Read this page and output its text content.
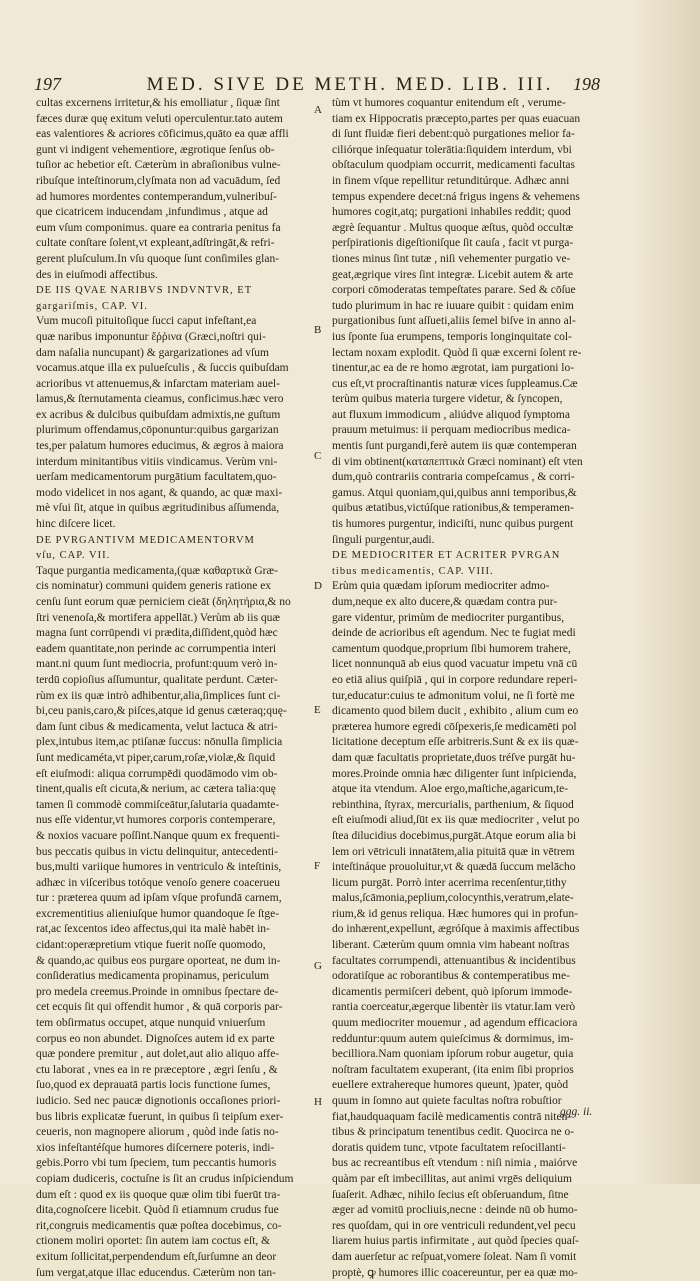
197	MED. SIVE DE METH. MED. LIB. III.	198
cultas excernens irritetur,& his emolliatur , ſiquæ ſint
fæces duræ quę exitum veluti operculentur.tato autem
eas valentiores & acriores cōficimus,quāto ea quæ affli
gunt vi indigent vehementiore, ægrotique ſenſus ob-
tuſior ac hebetior eſt. Cæterùm in abraſionibus vulne-
ribuſque inteſtinorum,clyſmata non ad vacuādum, ſed
ad humores mordentes contemperandum,vulneribuſ-
que cicatricem inducendam ,infundimus , atque ad
eum vſum componimus. quare ea contraria penitus fa
cultate conſtare ſolent,vt expleant,adſtringāt,& refri-
gerent pluſculum.In vſu quoque ſunt conſimiles glan-
des in eiuſmodi affectibus.
DE IIS QVAE NARIBVS INDVNTVR, ET
gargariſmis, CAP. VI.
Vum mucoſi pituitoſique ſucci caput infeſtant,ea
quæ naribus imponuntur ἔῤῥινα (Græci,noſtri qui-
dam naſalia nuncupant) & gargarizationes ad vſum
vocamus.atque illa ex pulueſculis , & ſuccis quibuſdam
acrioribus vt attenuemus,& infarctam materiam auel-
lamus,& ſternutamenta cieamus, conficimus.hæc vero
ex acribus & dulcibus quibuſdam admixtis,ne guſtum
plurimum offendamus,cōponuntur:quibus gargarizan
tes,per palatum humores educimus, & ægros à maiora
interdum minitantibus vitiis vindicamus. Verùm vni-
uerſam medicamentorum purgātium facultatem,quo-
modo videlicet in nos agant, & quando, ac quæ maxi-
mè vſui ſit, atque in quibus ægritudinibus aſſumenda,
hinc diſcere licet.
DE PVRGANTIVM MEDICAMENTORVM
vſu, CAP. VII.
Taque purgantia medicamenta,(quæ καθαρτικὰ Græ-
cis nominatur) communi quidem generis ratione ex
cenſu ſunt eorum quæ perniciem cieāt (δηλητήρια,& no
ſtri venenoſa,& mortifera appellāt.) Verùm ab iis quæ
magna ſunt corrūpendi vi prædita,diſſident,quòd hæc
eadem quantitate,non perinde ac corrumpentia interi
mant.ni quum ſunt mediocria, profunt:quum verò in-
terdū copioſius aſſumuntur, qualitate perdunt. Cæter-
rùm ex iis quæ intrò adhibentur,alia,ſimplices ſunt ci-
bi,ceu panis,caro,& piſces,atque id genus cæteraq;quę-
dam ſunt cibus & medicamenta, velut lactuca & atri-
plex,intubus item,ac ptiſanæ ſuccus: nōnulla ſimplicia
ſunt medicaméta,vt piper,carum,roſæ,violæ,& ſiquid
eſt eiuſmodi: aliqua corrumpēdi quodāmodo vim ob-
tinent,qualis eſt cicuta,& nerium, ac cætera talia:quę
tamen ſi commodè commiſceātur,ſalutaria quadamte-
nus eſſe videntur,vt humores corporis contemperare,
& noxios vacuare poſſint.Nanque quum ex frequenti-
bus peccatis quibus in victu delinquitur, antecedenti-
bus,multi variique humores in ventriculo & inteſtinis,
adhæc in viſceribus totóque venoſo genere coacerueu
tur : præterea quum ad ipſam vſque profundā carnem,
excrementitius alieniuſque humor quandoque ſe ſtge-
rat,ac ſexcentos ideo affectus,qui ita malè habēt in-
cidant:operæpretium vtique fuerit noſſe quomodo,
& quando,ac quibus eos purgare oporteat, ne dum in-
conſideratius medicamenta propinamus, periculum
pro medela creemus.Proinde in omnibus ſpectare de-
cet ecquis ſit qui offendit humor , & quā corporis par-
tem obſirmatus occupet, atque nunquid vniuerſum
corpus eo non abundet. Dignoſces autem id ex parte
quæ pondere premitur , aut dolet,aut alio aliquo affe-
ctu laborat , vnes ea in re præceptore , ægri ſenſu , &
ſuo,quod ex deprauatā partis locis functione ſumes,
iudicio. Sed nec paucæ dignotionis occaſiones priori-
bus libris explicatæ fuerunt, in quibus ſi teipſum exer-
ceueris, non magnopere aliorum , quòd inde ſatis no-
xios infeſtantéſque humores diſcernere poteris, indi-
gebis.Porro vbi tum ſpeciem, tum peccantis humoris
copiam dudiceris, coctuſne is ſit an crudus inſpiciendum
dum eſt : quod ex iis quoque quæ olim tibi fuerūt tra-
dita,cognoſcere licebit. Quòd ſi etiamnum crudus fue
rit,congruis medicamentis quæ poſtea docebimus, co-
ctionem moliri oportet: ſin autem iam coctus eſt, &
exitum ſollicitat,perpendendum eſt,ſurſumne an deor
ſum vergat,atque illac educendus. Cæterùm non tan-
A
B
C
D
E
F
G
H
tùm vt humores coquantur enitendum eſt , verume-
tiam ex Hippocratis præcepto,partes per quas euacuan
di ſunt fluidæ fieri debent:quò purgationes melior fa-
ciliórque inſequatur tolerātia:ſiquidem interdum, vbi
obſtaculum quodpiam occurrit, medicamenti facultas
in finem vſque repellitur retunditúrque. Adhæc anni
tempus expendere decet:ná frigus ingens & vehemens
humores cogit,atq; purgationi inhabiles reddit; quod
ægrè ſequantur . Multus quoque æſtus, quòd occultæ
perſpirationis digeſtioniſque ſit cauſa , facit vt purga-
tiones minus ſint tutæ , niſi vehementer purgatio ve-
geat,ægrique vires ſint integræ. Licebit autem & arte
corpori cōmoderatas tempeſtates parare. Sed & cōſue
tudo plurimum in hac re iuuare quibit : quidam enim
purgationibus ſunt aſſueti,aliis ſemel biſve in anno al-
ius ſponte ſua erumpens, temporis longinquitate col-
lectam noxam explodit. Quòd ſi quæ excerni ſolent re-
tinentur,ac ea de re homo ægrotat, iam purgationi lo-
cus eſt,vt procraſtinantis naturæ vices ſuppleamus.Cæ
terùm quibus materia turgere videtur, & ſyncopen,
aut fluxum immodicum , aliúdve aliquod ſymptoma
prauum metuimus: ii perquam mediocribus medica-
mentis ſunt purgandi,ferè autem iis quæ contemperan
di vim obtinent(καταπεπτικὰ Græci nominant) eſt vten
dum,quò contrariis contraria compeſcamus , & corri-
gamus. Atqui quoniam,qui,quibus anni temporibus,&
quibus ætatibus,victúſque rationibus,& temperamen-
tis humores purgentur, indiciſti, nunc quibus purgent
ſinguli purgentur,audi.
DE MEDIOCRITER ET ACRITER PVRGAN
tibus medicamentis, CAP. VIII.
Erùm quia quædam ipſorum mediocriter admo-
dum,neque ex alto ducere,& quædam contra pur-
gare videntur, primùm de mediocriter purgantibus,
deinde de acrioribus eſt agendum. Nec te fugiat medi
camentum quodque,proprium ſibi humorem trahere,
licet nonnunquā ab eius quod vacuatur impetu vnā cū
eo etiā alius quiſpiā , qui in corpore redundare reperi-
tur,educatur:cuius te admonitum volui, ne ſi fortè me
dicamento quod bilem ducit , exhibito , alium cum eo
præterea humore egredi cōſpexeris,ſe medicamēti pol
licitatione deceptum eſſe arbitreris.Sunt & ex iis quæ-
dam quæ facultatis proprietate,duos tréſve purgāt hu-
mores.Proinde omnia hæc diligenter ſunt inſpicienda,
atque ita vtendum. Aloe ergo,maſtiche,agaricum,te-
rebinthina, ſtyrax, mercurialis, parthenium, & ſiquod
eſt eiuſmodi aliud,ſūt ex iis quæ mediocriter , velut po
ſtea dilucidius docebimus,purgāt.Atque eorum alia bi
lem ori vētriculi innatātem,alia pituitā quæ in vētrem
inteſtináque prouoluitur,vt & quædā ſuccum melācho
licum purgāt. Porrò inter acerrima recenſentur,tithy
malus,ſcāmonia,peplium,colocynthis,veratrum,elate-
rium,& id genus reliqua. Hæc humores qui in profun-
do inhærent,expellunt, ægróſque à maximis affectibus
liberant. Cæterùm quum omnia vim habeant noſtras
facultates corrumpendi, attenuantibus & incidentibus
odoratiſque ac roborantibus & contemperatibus me-
dicamentis permiſceri debent, quò ipſorum immode-
rantia coerceatur,ægerque libentèr iis vtatur.Iam verò
quum mediocriter mouemur , ad agendum efficaciora
redduntur:quum autem quieſcimus & dormimus, im-
becilliora.Nam quoniam ipſorum robur augetur, quia
noſtram facultatem exuperant, (ita enim ſibi proprios
euellere extrahereque humores queunt, )pater, quòd
quum in ſomno aut quiete facultas noſtra robuſtior
fiat,haudquaquam facilè medicamentis contrā niten-
tibus & principatum tenentibus cedit. Quocirca ne o-
doratis quidem tunc, vtpote facultatem reſocillanti-
bus ac recreantibus eſt vtendum : niſi nimia , maiórve
quàm par eſt imbecillitas, aut animi vrgēs deliquium
ſuaſerit. Adhæc, nihilo ſecius eſt obſeruandum, ſitne
æger ad vomitū procliuis,necne : deinde nū ob humo-
res quoſdam, qui in ore ventriculi redundent,vel pecu
liarem huius partis infirmitate , aut quòd ſpecies quaſ-
dam auerſetur ac reſpuat,vomere ſoleat. Nam ſi vomit
proptè, ꝙ humores illic coacereuntur, per ea quæ mo-
ggg. ii.
